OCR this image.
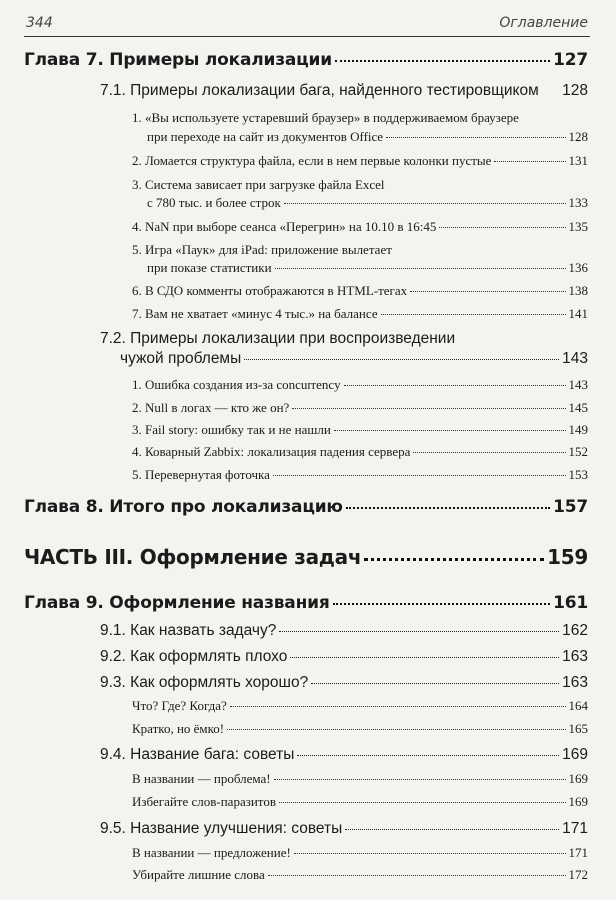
344	Оглавление
Глава 7. Примеры локализации	127
7.1. Примеры локализации бага, найденного тестировщиком 128
1. «Вы используете устаревший браузер» в поддерживаемом браузере
при переходе на сайт из документов Office	128
2. Ломается структура файла, если в нем первые колонки пустые	131
3. Система зависает при загрузке файла Excel
с 780 тыс. и более строк	133
4. NaN при выборе сеанса «Перегрин» на 10.10 в 16:45	135
5. Игра «Паук» для iPad: приложение вылетает
при показе статистики	136
6. В СДО комменты отображаются в HTML-тегах	138
7. Вам не хватает «минус 4 тыс.» на балансе	141
7.2. Примеры локализации при воспроизведении
чужой проблемы	143
1. Ошибка создания из-за concurrency	143
2. Null в логах — кто же он?	145
3. Fail story: ошибку так и не нашли	149
4. Коварный Zabbix: локализация падения сервера	152
5. Перевернутая фоточка	153
Глава 8. Итого про локализацию	157
ЧАСТЬ III. Оформление задач	159
Глава 9. Оформление названия	161
9.1. Как назвать задачу?	162
9.2. Как оформлять плохо	163
9.3. Как оформлять хорошо?	163
Что? Где? Когда?	164
Кратко, но ёмко!	165
9.4. Название бага: советы	169
В названии — проблема!	169
Избегайте слов-паразитов	169
9.5. Название улучшения: советы	171
В названии — предложение!	171
Убирайте лишние слова	172
